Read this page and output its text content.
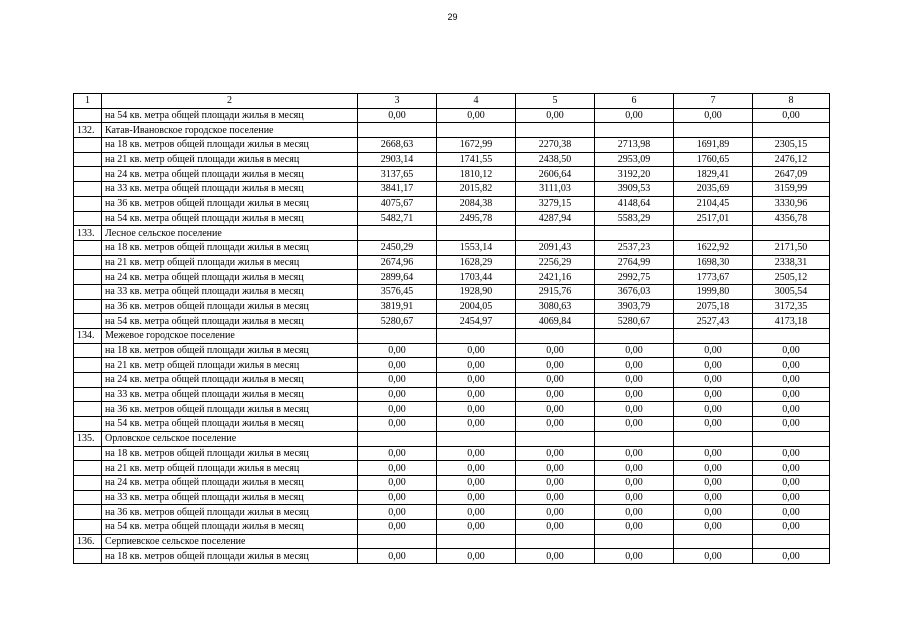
29
1	2	3	4	5	6	7	8
	на 54 кв. метра общей площади жилья в месяц	0,00	0,00	0,00	0,00	0,00	0,00
132.	Катав-Ивановское городское поселение						
	на 18 кв. метров общей площади жилья в месяц	2668,63	1672,99	2270,38	2713,98	1691,89	2305,15
	на 21 кв. метр общей площади жилья в месяц	2903,14	1741,55	2438,50	2953,09	1760,65	2476,12
	на 24 кв. метра общей площади жилья в месяц	3137,65	1810,12	2606,64	3192,20	1829,41	2647,09
	на 33 кв. метра общей площади жилья в месяц	3841,17	2015,82	3111,03	3909,53	2035,69	3159,99
	на 36 кв. метров общей площади жилья в месяц	4075,67	2084,38	3279,15	4148,64	2104,45	3330,96
	на 54 кв. метра общей площади жилья в месяц	5482,71	2495,78	4287,94	5583,29	2517,01	4356,78
133.	Лесное сельское поселение						
	на 18 кв. метров общей площади жилья в месяц	2450,29	1553,14	2091,43	2537,23	1622,92	2171,50
	на 21 кв. метр общей площади жилья в месяц	2674,96	1628,29	2256,29	2764,99	1698,30	2338,31
	на 24 кв. метра общей площади жилья в месяц	2899,64	1703,44	2421,16	2992,75	1773,67	2505,12
	на 33 кв. метра общей площади жилья в месяц	3576,45	1928,90	2915,76	3676,03	1999,80	3005,54
	на 36 кв. метров общей площади жилья в месяц	3819,91	2004,05	3080,63	3903,79	2075,18	3172,35
	на 54 кв. метра общей площади жилья в месяц	5280,67	2454,97	4069,84	5280,67	2527,43	4173,18
134.	Межевое городское поселение						
	на 18 кв. метров общей площади жилья в месяц	0,00	0,00	0,00	0,00	0,00	0,00
	на 21 кв. метр общей площади жилья в месяц	0,00	0,00	0,00	0,00	0,00	0,00
	на 24 кв. метра общей площади жилья в месяц	0,00	0,00	0,00	0,00	0,00	0,00
	на 33 кв. метра общей площади жилья в месяц	0,00	0,00	0,00	0,00	0,00	0,00
	на 36 кв. метров общей площади жилья в месяц	0,00	0,00	0,00	0,00	0,00	0,00
	на 54 кв. метра общей площади жилья в месяц	0,00	0,00	0,00	0,00	0,00	0,00
135.	Орловское сельское поселение						
	на 18 кв. метров общей площади жилья в месяц	0,00	0,00	0,00	0,00	0,00	0,00
	на 21 кв. метр общей площади жилья в месяц	0,00	0,00	0,00	0,00	0,00	0,00
	на 24 кв. метра общей площади жилья в месяц	0,00	0,00	0,00	0,00	0,00	0,00
	на 33 кв. метра общей площади жилья в месяц	0,00	0,00	0,00	0,00	0,00	0,00
	на 36 кв. метров общей площади жилья в месяц	0,00	0,00	0,00	0,00	0,00	0,00
	на 54 кв. метра общей площади жилья в месяц	0,00	0,00	0,00	0,00	0,00	0,00
136.	Серпиевское сельское поселение						
	на 18 кв. метров общей площади жилья в месяц	0,00	0,00	0,00	0,00	0,00	0,00
